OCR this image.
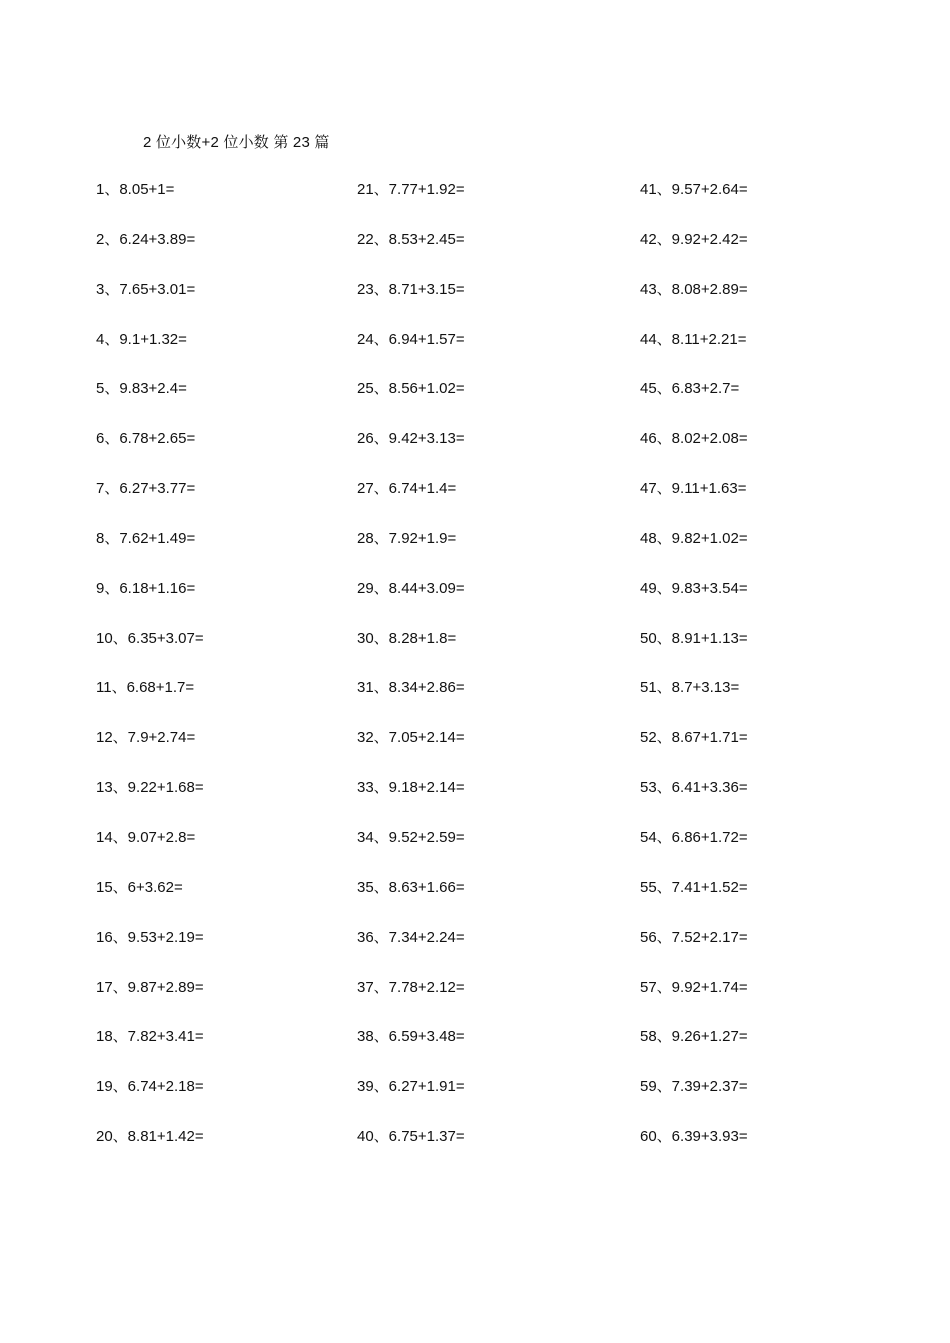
2 位小数+2 位小数 第 23 篇
1、8.05+1=
2、6.24+3.89=
3、7.65+3.01=
4、9.1+1.32=
5、9.83+2.4=
6、6.78+2.65=
7、6.27+3.77=
8、7.62+1.49=
9、6.18+1.16=
10、6.35+3.07=
11、6.68+1.7=
12、7.9+2.74=
13、9.22+1.68=
14、9.07+2.8=
15、6+3.62=
16、9.53+2.19=
17、9.87+2.89=
18、7.82+3.41=
19、6.74+2.18=
20、8.81+1.42=
21、7.77+1.92=
22、8.53+2.45=
23、8.71+3.15=
24、6.94+1.57=
25、8.56+1.02=
26、9.42+3.13=
27、6.74+1.4=
28、7.92+1.9=
29、8.44+3.09=
30、8.28+1.8=
31、8.34+2.86=
32、7.05+2.14=
33、9.18+2.14=
34、9.52+2.59=
35、8.63+1.66=
36、7.34+2.24=
37、7.78+2.12=
38、6.59+3.48=
39、6.27+1.91=
40、6.75+1.37=
41、9.57+2.64=
42、9.92+2.42=
43、8.08+2.89=
44、8.11+2.21=
45、6.83+2.7=
46、8.02+2.08=
47、9.11+1.63=
48、9.82+1.02=
49、9.83+3.54=
50、8.91+1.13=
51、8.7+3.13=
52、8.67+1.71=
53、6.41+3.36=
54、6.86+1.72=
55、7.41+1.52=
56、7.52+2.17=
57、9.92+1.74=
58、9.26+1.27=
59、7.39+2.37=
60、6.39+3.93=
